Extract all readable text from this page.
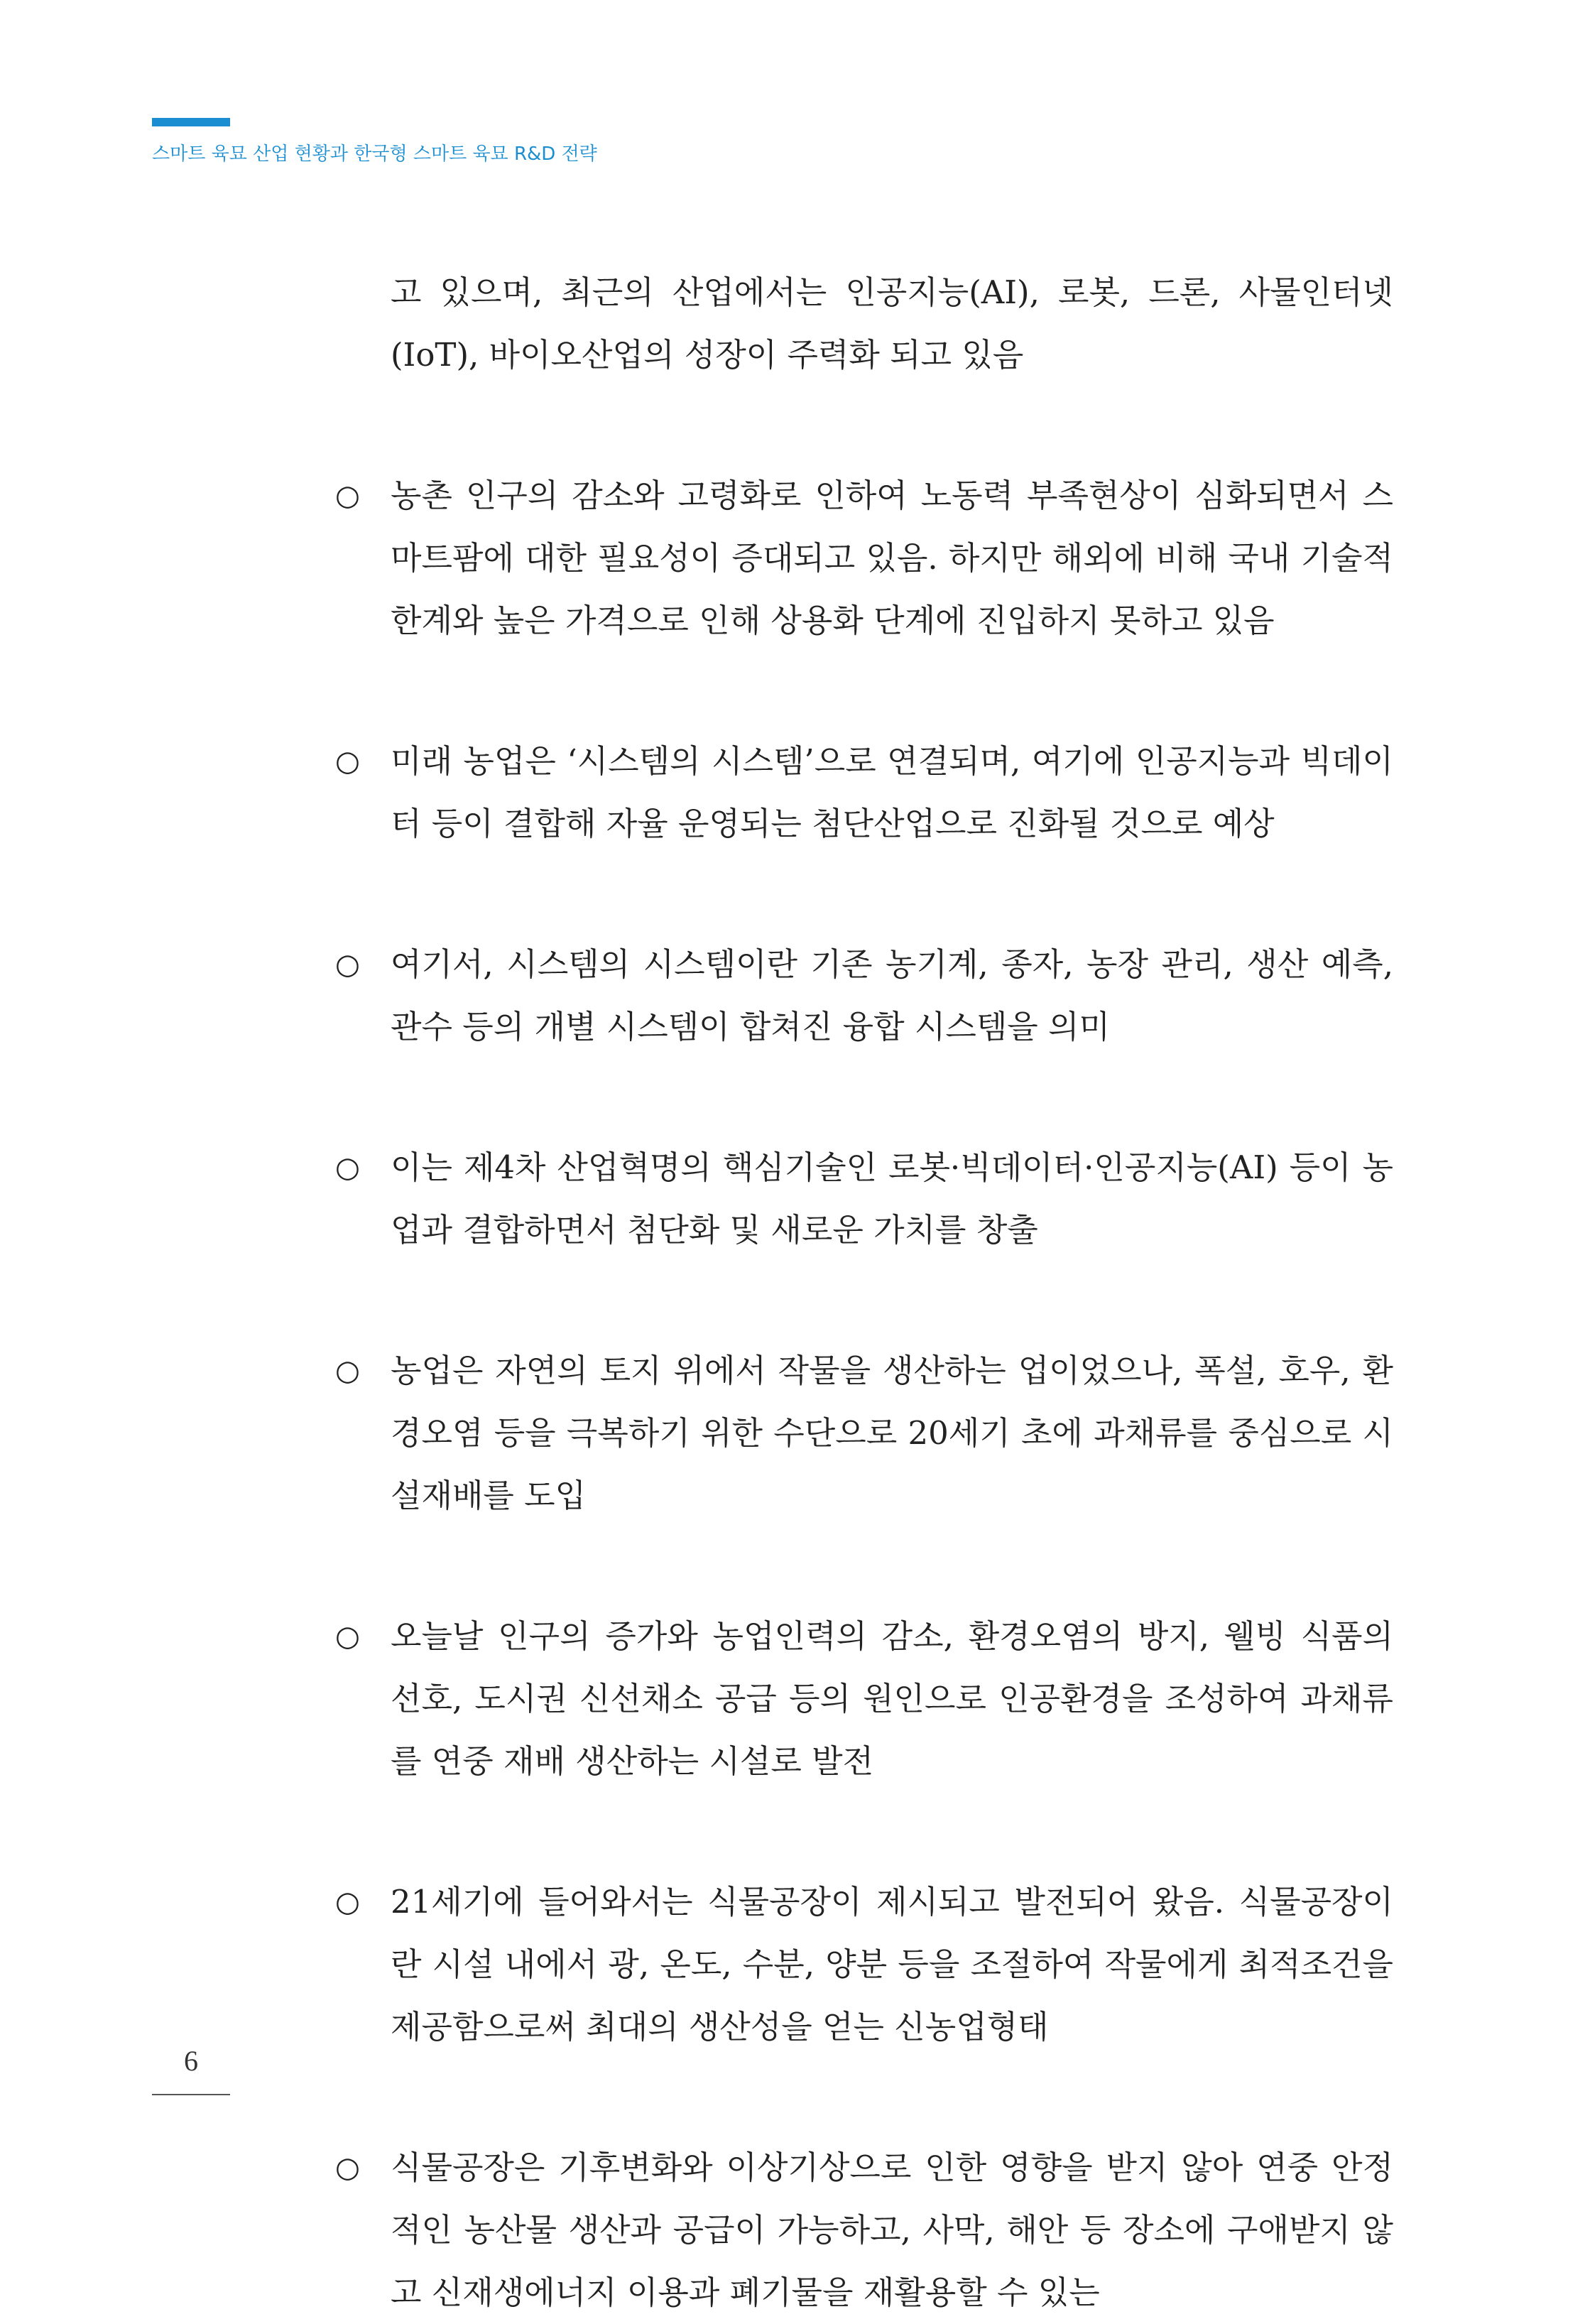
스마트 육묘 산업 현황과 한국형 스마트 육묘 R&D 전략
고 있으며, 최근의 산업에서는 인공지능(AI), 로봇, 드론, 사물인터넷(IoT), 바이오산업의 성장이 주력화 되고 있음
○ 농촌 인구의 감소와 고령화로 인하여 노동력 부족현상이 심화되면서 스마트팜에 대한 필요성이 증대되고 있음. 하지만 해외에 비해 국내 기술적 한계와 높은 가격으로 인해 상용화 단계에 진입하지 못하고 있음
○ 미래 농업은 ‘시스템의 시스템’으로 연결되며, 여기에 인공지능과 빅데이터 등이 결합해 자율 운영되는 첨단산업으로 진화될 것으로 예상
○ 여기서, 시스템의 시스템이란 기존 농기계, 종자, 농장 관리, 생산 예측, 관수 등의 개별 시스템이 합쳐진 융합 시스템을 의미
○ 이는 제4차 산업혁명의 핵심기술인 로봇·빅데이터·인공지능(AI) 등이 농업과 결합하면서 첨단화 및 새로운 가치를 창출
○ 농업은 자연의 토지 위에서 작물을 생산하는 업이었으나, 폭설, 호우, 환경오염 등을 극복하기 위한 수단으로 20세기 초에 과채류를 중심으로 시설재배를 도입
○ 오늘날 인구의 증가와 농업인력의 감소, 환경오염의 방지, 웰빙 식품의 선호, 도시권 신선채소 공급 등의 원인으로 인공환경을 조성하여 과채류를 연중 재배 생산하는 시설로 발전
○ 21세기에 들어와서는 식물공장이 제시되고 발전되어 왔음. 식물공장이란 시설 내에서 광, 온도, 수분, 양분 등을 조절하여 작물에게 최적조건을 제공함으로써 최대의 생산성을 얻는 신농업형태
○ 식물공장은 기후변화와 이상기상으로 인한 영향을 받지 않아 연중 안정적인 농산물 생산과 공급이 가능하고, 사막, 해안 등 장소에 구애받지 않고 신재생에너지 이용과 폐기물을 재활용할 수 있는
6
